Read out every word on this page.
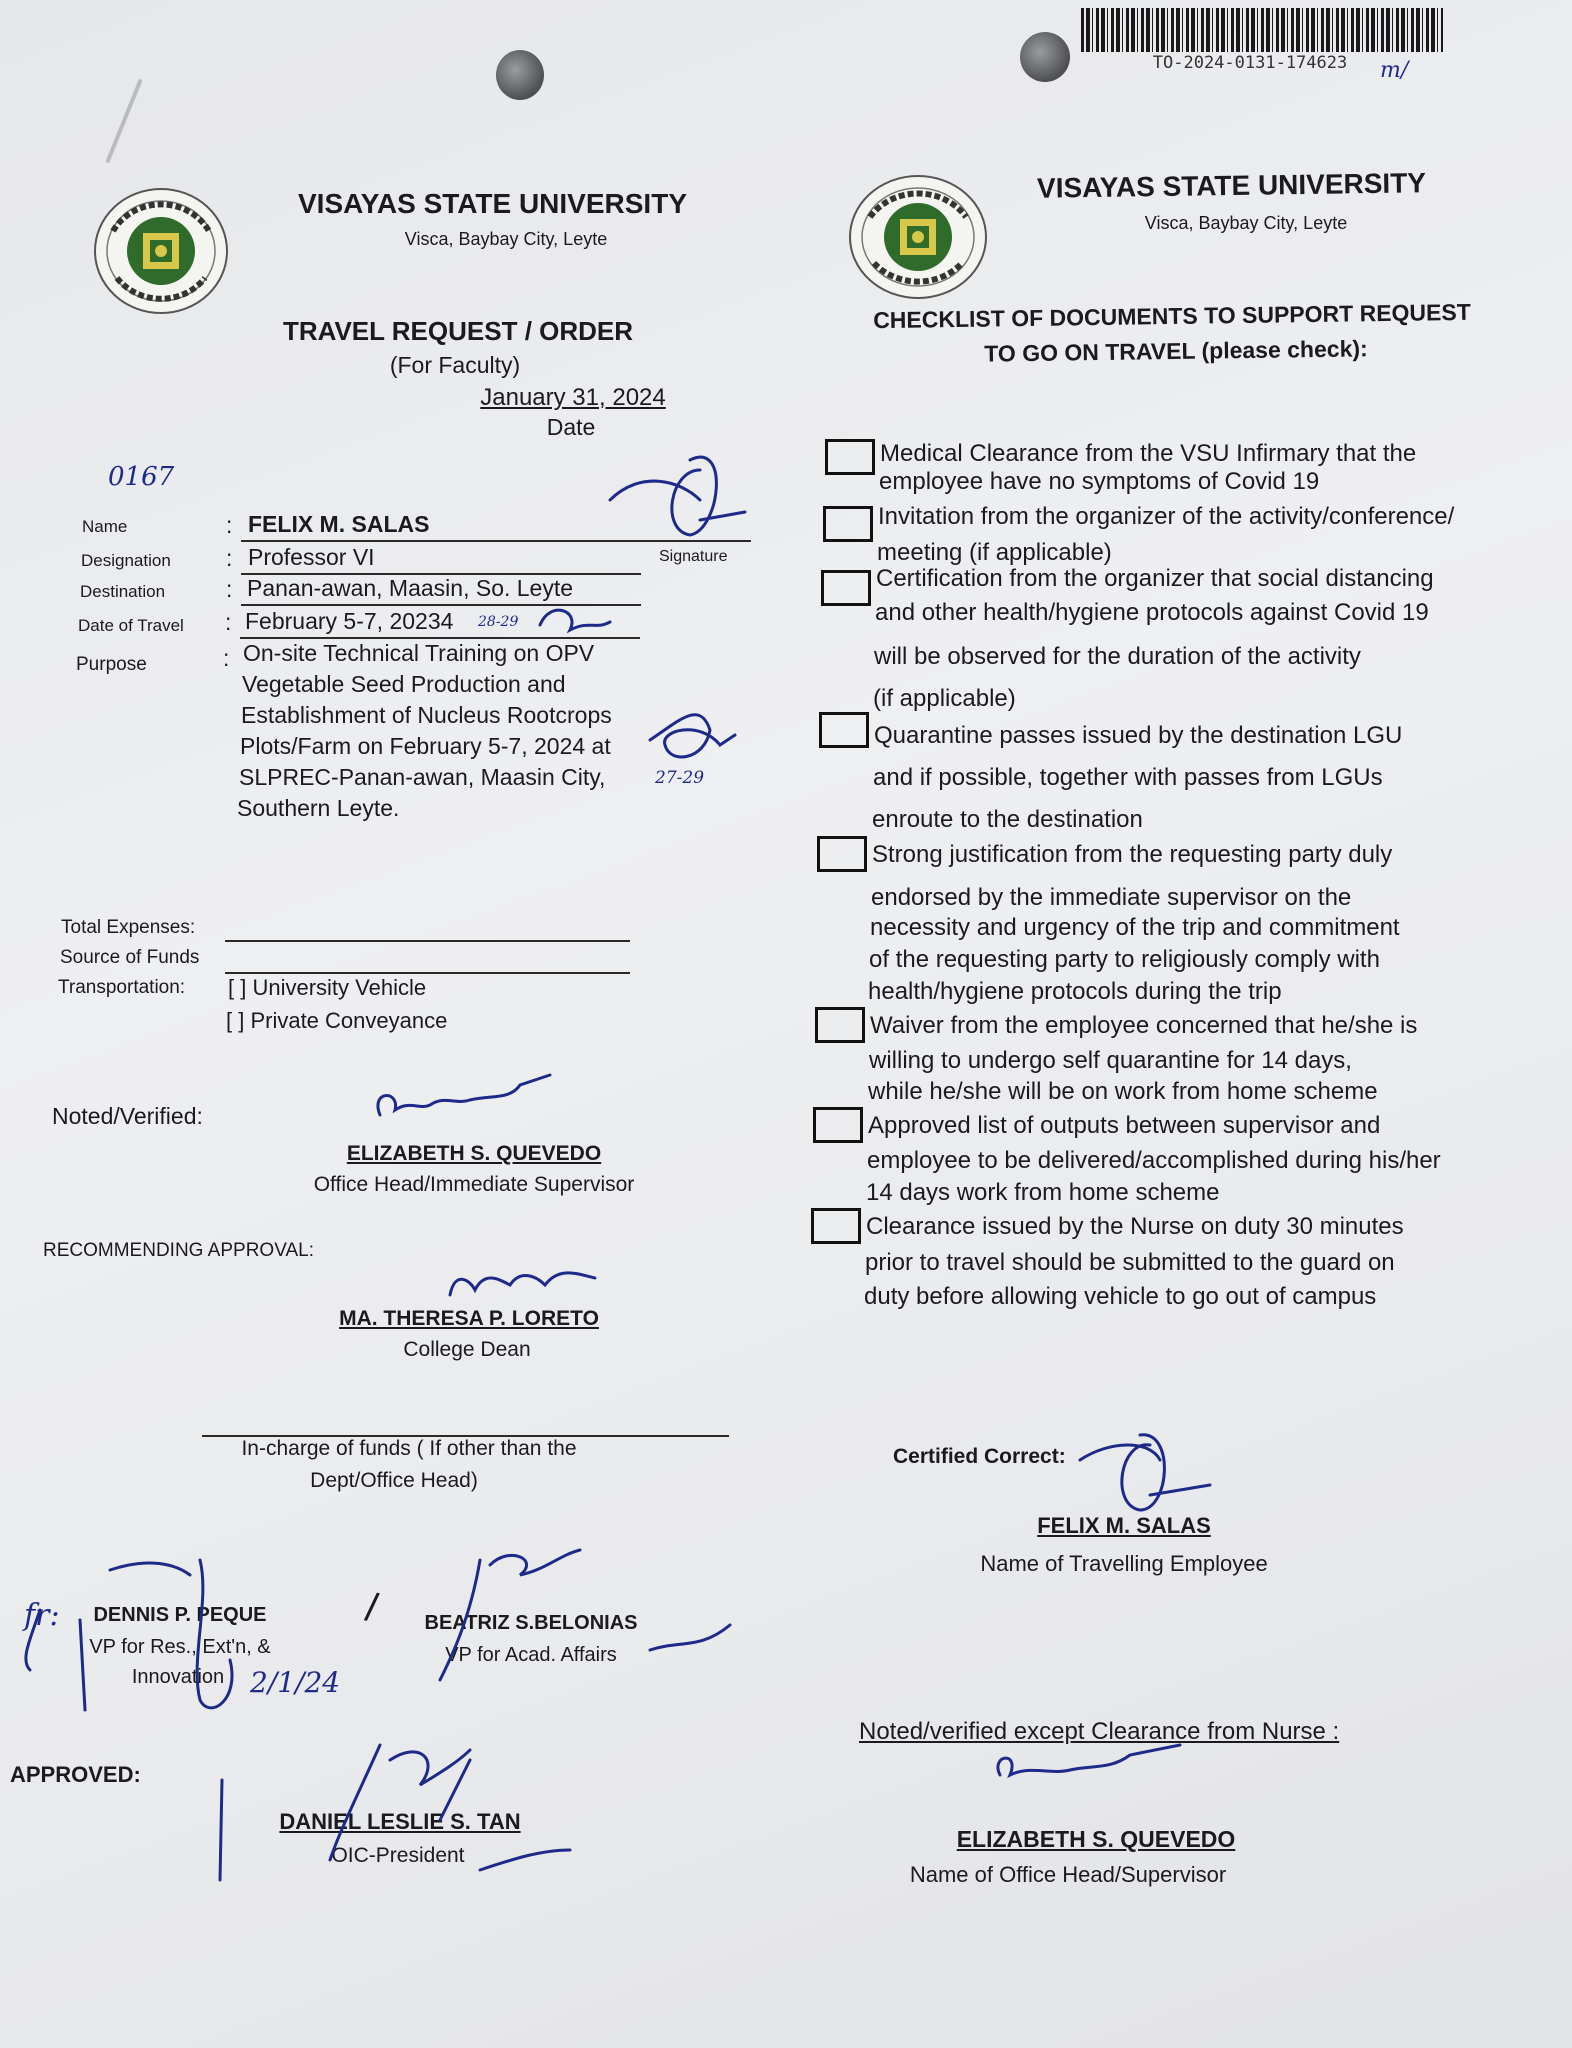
TO-2024-0131-174623 m/
VISAYAS STATE UNIVERSITY
Visca, Baybay City, Leyte
TRAVEL REQUEST / ORDER
(For Faculty)
January 31, 2024
Date
0167
Name	: FELIX M. SALAS
Signature
Designation : Professor VI
Destination	: Panan-awan, Maasin, So. Leyte
Date of Travel : February 5-7, 20234 28-29
Purpose	: On-site Technical Training on OPV
Vegetable Seed Production and
Establishment of Nucleus Rootcrops
Plots/Farm on February 5-7, 2024 at
SLPREC-Panan-awan, Maasin City,
Southern Leyte.
27-29
Total Expenses:
Source of Funds
Transportation: [ ] University Vehicle
[ ] Private Conveyance
Noted/Verified:
ELIZABETH S. QUEVEDO
Office Head/Immediate Supervisor
RECOMMENDING APPROVAL:
MA. THERESA P. LORETO
College Dean
In-charge of funds ( If other than the
Dept/Office Head)
fr: DENNIS P. PEQUE
VP for Res., Ext'n, &
Innovation 2/1/24
/ BEATRIZ S.BELONIAS
VP for Acad. Affairs
APPROVED:
DANIEL LESLIE S. TAN
OIC-President
VISAYAS STATE UNIVERSITY
Visca, Baybay City, Leyte
CHECKLIST OF DOCUMENTS TO SUPPORT REQUEST
TO GO ON TRAVEL (please check):
Medical Clearance from the VSU Infirmary that the
employee have no symptoms of Covid 19
Invitation from the organizer of the activity/conference/
meeting (if applicable)
Certification from the organizer that social distancing
and other health/hygiene protocols against Covid 19
will be observed for the duration of the activity
(if applicable)
Quarantine passes issued by the destination LGU
and if possible, together with passes from LGUs
enroute to the destination
Strong justification from the requesting party duly
endorsed by the immediate supervisor on the
necessity and urgency of the trip and commitment
of the requesting party to religiously comply with
health/hygiene protocols during the trip
Waiver from the employee concerned that he/she is
willing to undergo self quarantine for 14 days,
while he/she will be on work from home scheme
Approved list of outputs between supervisor and
employee to be delivered/accomplished during his/her
14 days work from home scheme
Clearance issued by the Nurse on duty 30 minutes
prior to travel should be submitted to the guard on
duty before allowing vehicle to go out of campus
Certified Correct:
FELIX M. SALAS
Name of Travelling Employee
Noted/verified except Clearance from Nurse :
ELIZABETH S. QUEVEDO
Name of Office Head/Supervisor
